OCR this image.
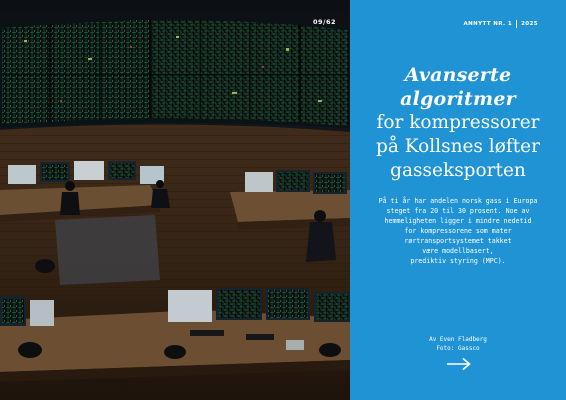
09/62	ANNYTT NR. 1 2025
Avanserte algoritmer
for kompressorer
på Kollsnes løfter
gasseksporten
På ti år har andelen norsk gass i Europa
steget fra 20 til 30 prosent. Noe av
hemmeligheten ligger i mindre nedetid
for kompressorene som mater
rørtransportsystemet takket
være modellbasert,
prediktiv styring (MPC).
Av Even Fladberg
Foto: Gassco
